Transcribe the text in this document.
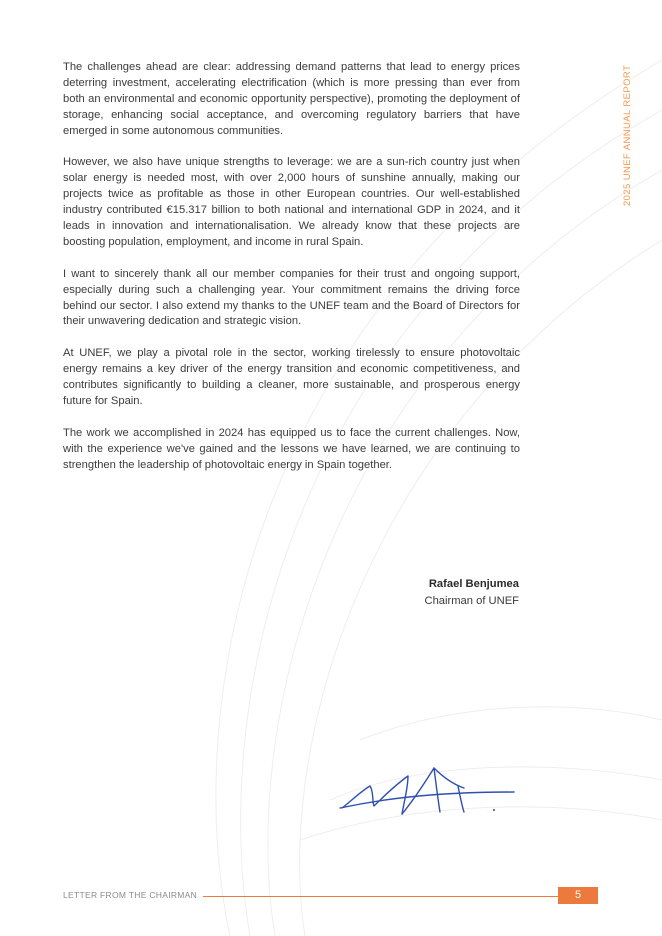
2025 UNEF ANNUAL REPORT

The challenges ahead are clear: addressing demand patterns that lead to energy prices deterring investment, accelerating electrification (which is more pressing than ever from both an environmental and economic opportunity perspective), promoting the deployment of storage, enhancing social acceptance, and overcoming regulatory barriers that have emerged in some autonomous communities.

However, we also have unique strengths to leverage: we are a sun-rich country just when solar energy is needed most, with over 2,000 hours of sunshine annually, making our projects twice as profitable as those in other European countries. Our well-established industry contributed €15.317 billion to both national and international GDP in 2024, and it leads in innovation and internationalisation. We already know that these projects are boosting population, employment, and income in rural Spain.

I want to sincerely thank all our member companies for their trust and ongoing support, especially during such a challenging year. Your commitment remains the driving force behind our sector. I also extend my thanks to the UNEF team and the Board of Directors for their unwavering dedication and strategic vision.

At UNEF, we play a pivotal role in the sector, working tirelessly to ensure photovoltaic energy remains a key driver of the energy transition and economic competitiveness, and contributes significantly to building a cleaner, more sustainable, and prosperous energy future for Spain.

The work we accomplished in 2024 has equipped us to face the current challenges. Now, with the experience we've gained and the lessons we have learned, we are continuing to strengthen the leadership of photovoltaic energy in Spain together.

Rafael Benjumea
Chairman of UNEF
LETTER FROM THE CHAIRMAN	5
